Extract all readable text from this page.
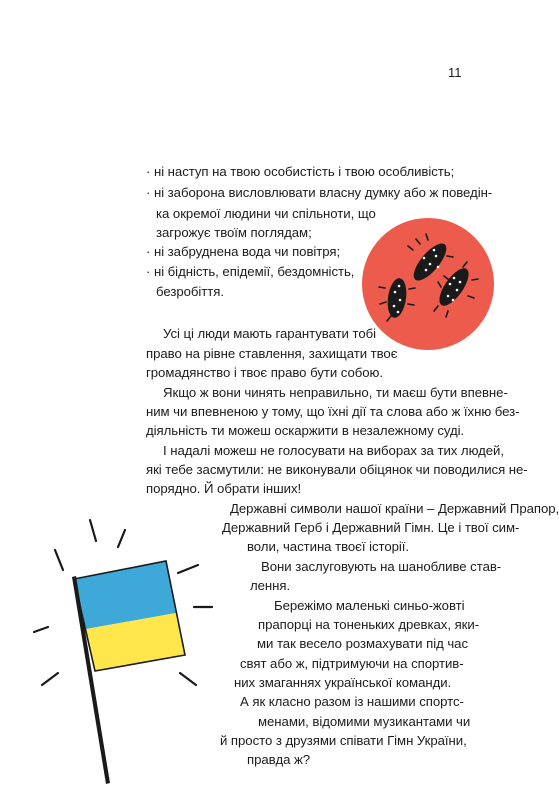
11

· ні наступ на твою особистість і твою особливість;

· ні заборона висловлювати власну думку або ж поведін-

ка окремої людини чи спільноти, що

загрожує твоїм поглядам;

· ні забруднена вода чи повітря;

· ні бідність, епідемії, бездомність,

безробіття.

Усі ці люди мають гарантувати тобі

право на рівне ставлення, захищати твоє

громадянство і твоє право бути собою.

Якщо ж вони чинять неправильно, ти маєш бути впевне-

ним чи впевненою у тому, що їхні дії та слова або ж їхню без-

діяльність ти можеш оскаржити в незалежному суді.

І надалі можеш не голосувати на виборах за тих людей,

які тебе засмутили: не виконували обіцянок чи поводилися не-

порядно. Й обрати інших!

Державні символи нашої країни – Державний Прапор,

Державний Герб і Державний Гімн. Це і твої сим-

воли, частина твоєї історії.

Вони заслуговують на шанобливе став-

лення.

Бережімо маленькі синьо-жовті

прапорці на тоненьких древках, яки-

ми так весело розмахувати під час

свят або ж, підтримуючи на спортив-

них змаганнях української команди.

А як класно разом із нашими спортс-

менами, відомими музикантами чи

й просто з друзями співати Гімн України,

правда ж?
